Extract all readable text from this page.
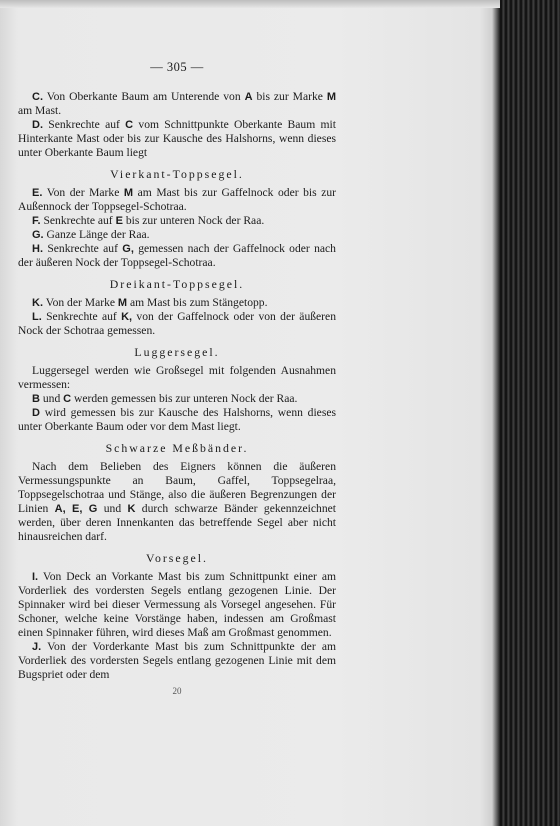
— 305 —

C. Von Oberkante Baum am Unterende von A bis zur Marke M am Mast.

D. Senkrechte auf C vom Schnittpunkte Oberkante Baum mit Hinterkante Mast oder bis zur Kausche des Halshorns, wenn dieses unter Oberkante Baum liegt

Vierkant-Toppsegel.

E. Von der Marke M am Mast bis zur Gaffelnock oder bis zur Außennock der Toppsegel-Schotraa.

F. Senkrechte auf E bis zur unteren Nock der Raa.

G. Ganze Länge der Raa.

H. Senkrechte auf G, gemessen nach der Gaffelnock oder nach der äußeren Nock der Toppsegel-Schotraa.

Dreikant-Toppsegel.

K. Von der Marke M am Mast bis zum Stängetopp.

L. Senkrechte auf K, von der Gaffelnock oder von der äußeren Nock der Schotraa gemessen.

Luggersegel.

Luggersegel werden wie Großsegel mit folgenden Ausnahmen vermessen:

B und C werden gemessen bis zur unteren Nock der Raa.

D wird gemessen bis zur Kausche des Halshorns, wenn dieses unter Oberkante Baum oder vor dem Mast liegt.

Schwarze Meßbänder.

Nach dem Belieben des Eigners können die äußeren Vermessungspunkte an Baum, Gaffel, Toppsegelraa, Toppsegelschotraa und Stänge, also die äußeren Begrenzungen der Linien A, E, G und K durch schwarze Bänder gekennzeichnet werden, über deren Innenkanten das betreffende Segel aber nicht hinausreichen darf.

Vorsegel.

I. Von Deck an Vorkante Mast bis zum Schnittpunkt einer am Vorderliek des vordersten Segels entlang gezogenen Linie. Der Spinnaker wird bei dieser Vermessung als Vorsegel angesehen. Für Schoner, welche keine Vorstänge haben, indessen am Großmast einen Spinnaker führen, wird dieses Maß am Großmast genommen.

J. Von der Vorderkante Mast bis zum Schnittpunkte der am Vorderliek des vordersten Segels entlang gezogenen Linie mit dem Bugspriet oder dem

20
